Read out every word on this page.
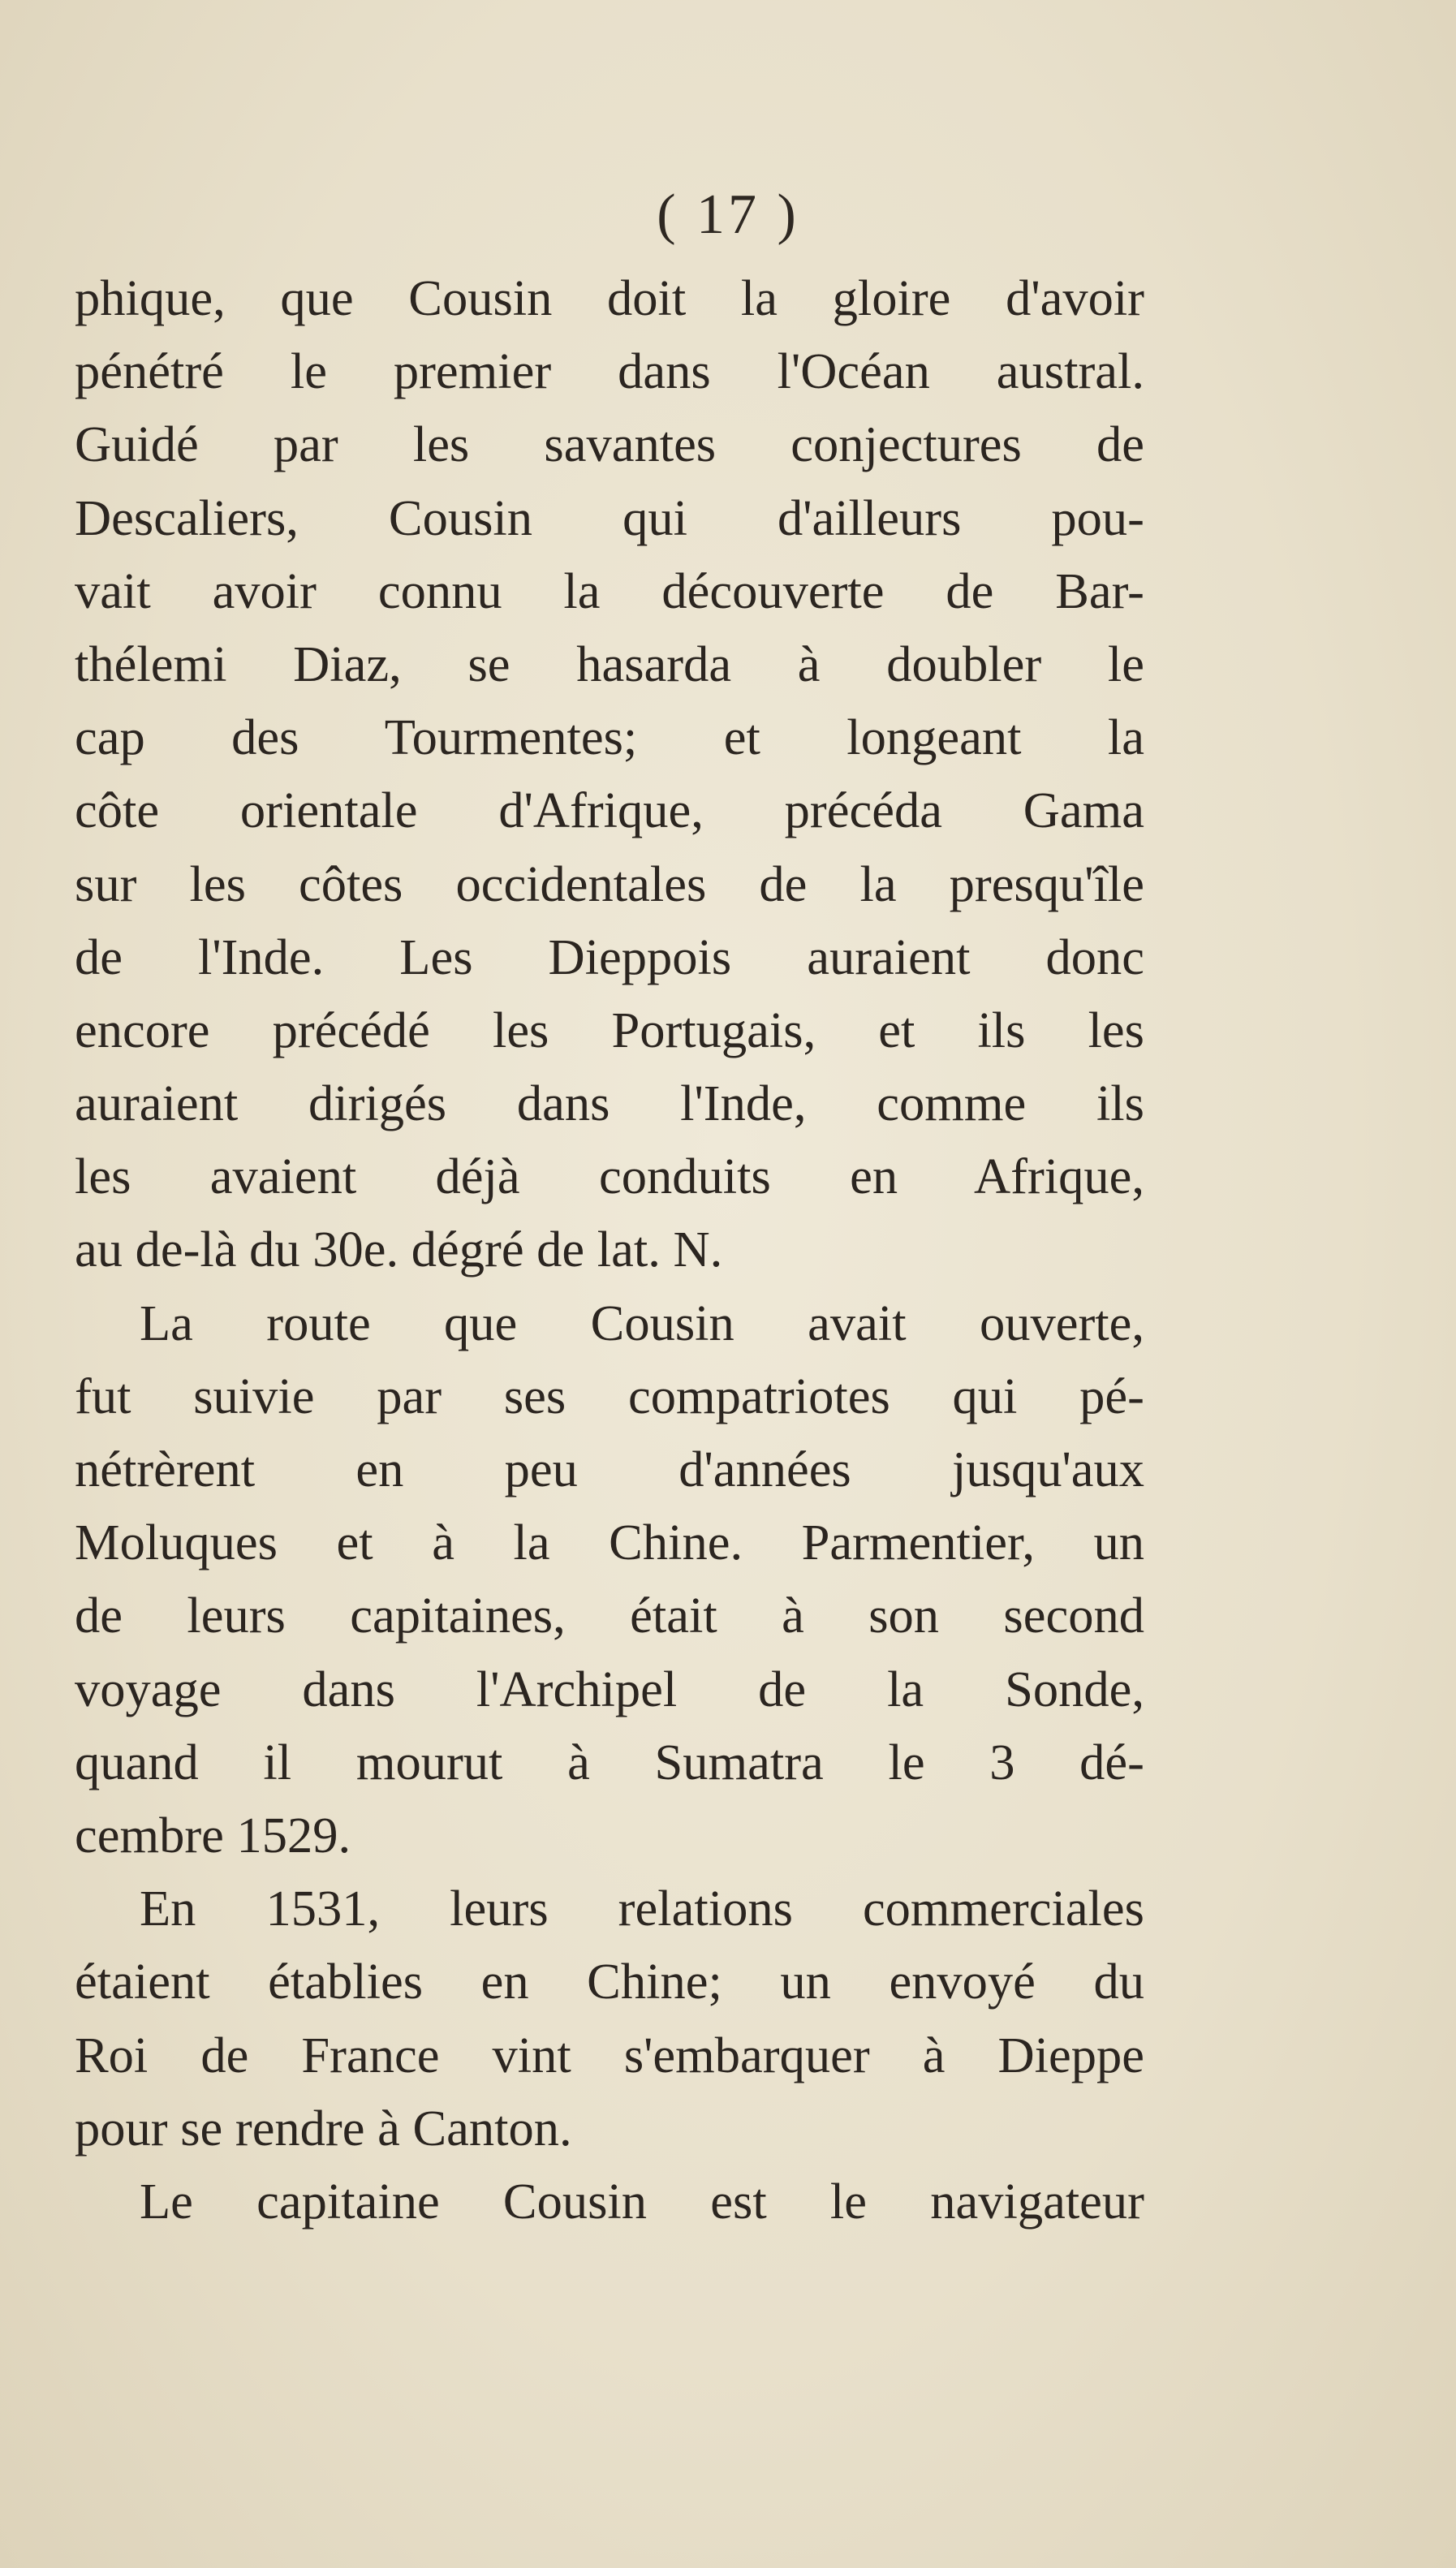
( 17 )
phique, que Cousin doit la gloire d'avoir
pénétré le premier dans l'Océan austral.
Guidé par les savantes conjectures de
Descaliers, Cousin qui d'ailleurs pou-
vait avoir connu la découverte de Bar-
thélemi Diaz, se hasarda à doubler le
cap des Tourmentes; et longeant la
côte orientale d'Afrique, précéda Gama
sur les côtes occidentales de la presqu'île
de l'Inde. Les Dieppois auraient donc
encore précédé les Portugais, et ils les
auraient dirigés dans l'Inde, comme ils
les avaient déjà conduits en Afrique,
au de-là du 30e. dégré de lat. N.
La route que Cousin avait ouverte,
fut suivie par ses compatriotes qui pé-
nétrèrent en peu d'années jusqu'aux
Moluques et à la Chine. Parmentier, un
de leurs capitaines, était à son second
voyage dans l'Archipel de la Sonde,
quand il mourut à Sumatra le 3 dé-
cembre 1529.
En 1531, leurs relations commerciales
étaient établies en Chine; un envoyé du
Roi de France vint s'embarquer à Dieppe
pour se rendre à Canton.
Le capitaine Cousin est le navigateur
